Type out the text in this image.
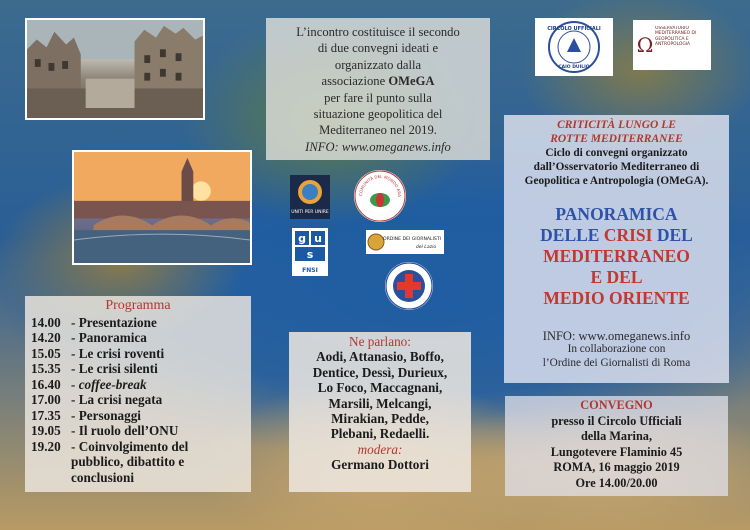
L’incontro costituisce il secondo
di due convegni ideati e
organizzato dalla
associazione OMeGA
per fare il punto sulla
situazione geopolitica del
Mediterraneo nel 2019.
INFO: www.omeganews.info
UNITI PER UNIRE
g u
s
FNSI
COMUNITÀ DEL MONDO ARA
ORDINE DEI GIORNALISTI
del Lazio
CIRCOLO UFFICIALI
CAIO DUILIO
Ω
OSSERVATORIO MEDITERRANEO DI GEOPOLITICA E ANTROPOLOGIA
Programma
14.00 - Presentazione
14.20 - Panoramica
15.05 - Le crisi roventi
15.35 - Le crisi silenti
16.40 - coffee-break
17.00 - La crisi negata
17.35 - Personaggi
19.05 - Il ruolo dell’ONU
19.20 - Coinvolgimento del
pubblico, dibattito e
conclusioni
Ne parlano:
Aodi, Attanasio, Boffo,
Dentice, Dessì, Durieux,
Lo Foco, Maccagnani,
Marsili, Melcangi,
Mirakian, Pedde,
Plebani, Redaelli.
modera:
Germano Dottori
CRITICITÀ LUNGO LE
ROTTE MEDITERRANEE
Ciclo di convegni organizzato
dall’Osservatorio Mediterraneo di
Geopolitica e Antropologia (OMeGA).
PANORAMICA
DELLE CRISI DEL
MEDITERRANEO
E DEL
MEDIO ORIENTE
INFO: www.omeganews.info
In collaborazione con
l’Ordine dei Giornalisti di Roma
CONVEGNO
presso il Circolo Ufficiali
della Marina,
Lungotevere Flaminio 45
ROMA, 16 maggio 2019
Ore 14.00/20.00
